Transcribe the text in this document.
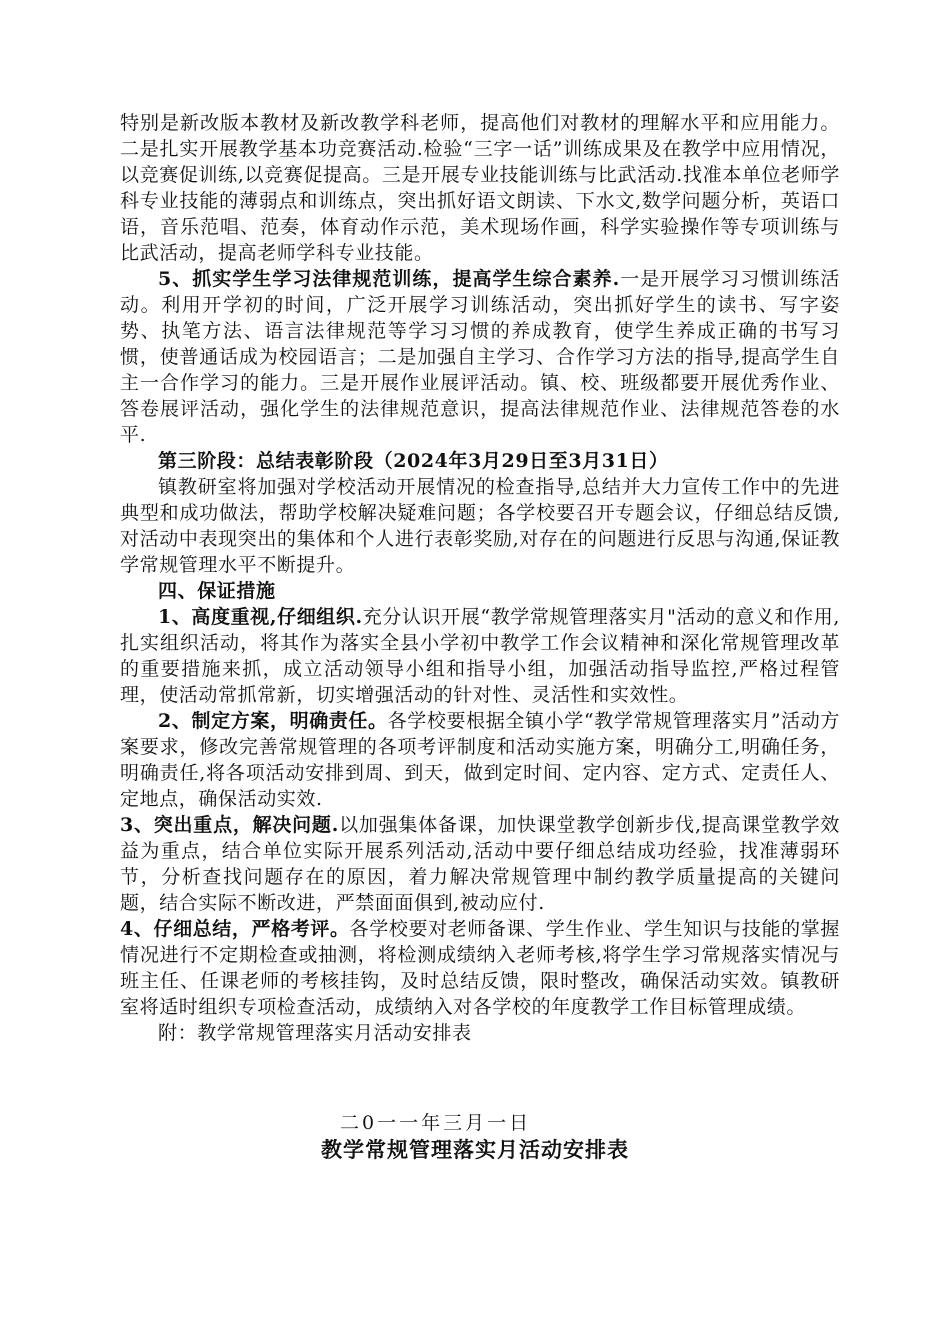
特别是新改版本教材及新改教学科老师，提高他们对教材的理解水平和应用能力。二是扎实开展教学基本功竞赛活动.检验“三字一话”训练成果及在教学中应用情况，以竞赛促训练,以竞赛促提高。三是开展专业技能训练与比武活动.找准本单位老师学科专业技能的薄弱点和训练点，突出抓好语文朗读、下水文,数学问题分析，英语口语，音乐范唱、范奏，体育动作示范，美术现场作画，科学实验操作等专项训练与比武活动，提高老师学科专业技能。

5、抓实学生学习法律规范训练，提高学生综合素养.一是开展学习习惯训练活动。利用开学初的时间，广泛开展学习训练活动，突出抓好学生的读书、写字姿势、执笔方法、语言法律规范等学习习惯的养成教育，使学生养成正确的书写习惯，使普通话成为校园语言；二是加强自主学习、合作学习方法的指导,提高学生自主一合作学习的能力。三是开展作业展评活动。镇、校、班级都要开展优秀作业、答卷展评活动，强化学生的法律规范意识，提高法律规范作业、法律规范答卷的水平.

第三阶段：总结表彰阶段（2024年3月29日至3月31日）

镇教研室将加强对学校活动开展情况的检查指导,总结并大力宣传工作中的先进典型和成功做法，帮助学校解决疑难问题；各学校要召开专题会议，仔细总结反馈,对活动中表现突出的集体和个人进行表彰奖励,对存在的问题进行反思与沟通,保证教学常规管理水平不断提升。

四、保证措施

1、高度重视,仔细组织.充分认识开展“教学常规管理落实月"活动的意义和作用,扎实组织活动，将其作为落实全县小学初中教学工作会议精神和深化常规管理改革的重要措施来抓，成立活动领导小组和指导小组，加强活动指导监控,严格过程管理，使活动常抓常新，切实增强活动的针对性、灵活性和实效性。

2、制定方案，明确责任。各学校要根据全镇小学“教学常规管理落实月”活动方案要求，修改完善常规管理的各项考评制度和活动实施方案，明确分工,明确任务，明确责任,将各项活动安排到周、到天，做到定时间、定内容、定方式、定责任人、定地点，确保活动实效.

3、突出重点，解决问题.以加强集体备课，加快课堂教学创新步伐,提高课堂教学效益为重点，结合单位实际开展系列活动,活动中要仔细总结成功经验，找准薄弱环节，分析查找问题存在的原因，着力解决常规管理中制约教学质量提高的关键问题，结合实际不断改进，严禁面面俱到,被动应付.

4、仔细总结，严格考评。各学校要对老师备课、学生作业、学生知识与技能的掌握情况进行不定期检查或抽测，将检测成绩纳入老师考核,将学生学习常规落实情况与班主任、任课老师的考核挂钩，及时总结反馈，限时整改，确保活动实效。镇教研室将适时组织专项检查活动，成绩纳入对各学校的年度教学工作目标管理成绩。

附：教学常规管理落实月活动安排表

二0一一年三月一日
教学常规管理落实月活动安排表
